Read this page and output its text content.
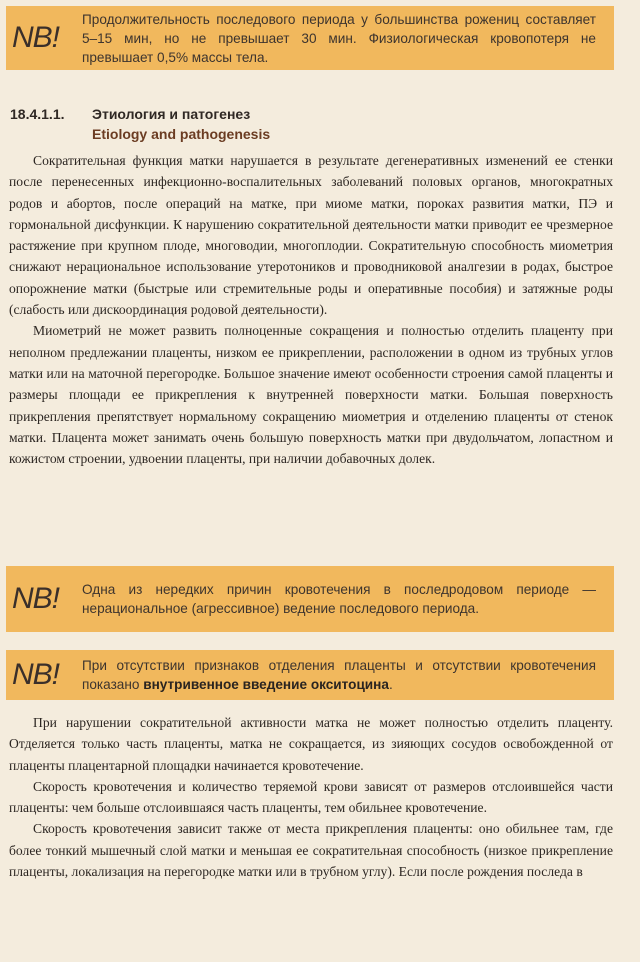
NB!
Продолжительность последового периода у большинства рожениц составляет 5–15 мин, но не превышает 30 мин. Физиологическая кровопотеря не превышает 0,5% массы тела.
18.4.1.1. Этиология и патогенез
Etiology and pathogenesis

Сократительная функция матки нарушается в результате дегенеративных изменений ее стенки после перенесенных инфекционно-воспалительных заболеваний половых органов, многократных родов и абортов, после операций на матке, при миоме матки, пороках развития матки, ПЭ и гормональной дисфункции. К нарушению сократительной деятельности матки приводит ее чрезмерное растяжение при крупном плоде, многоводии, многоплодии. Сократительную способность миометрия снижают нерациональное использование утеротоников и проводниковой аналгезии в родах, быстрое опорожнение матки (быстрые или стремительные роды и оперативные пособия) и затяжные роды (слабость или дискоординация родовой деятельности).

Миометрий не может развить полноценные сокращения и полностью отделить плаценту при неполном предлежании плаценты, низком ее прикреплении, расположении в одном из трубных углов матки или на маточной перегородке. Большое значение имеют особенности строения самой плаценты и размеры площади ее прикрепления к внутренней поверхности матки. Большая поверхность прикрепления препятствует нормальному сокращению миометрия и отделению плаценты от стенок матки. Плацента может занимать очень большую поверхность матки при двудольчатом, лопастном и кожистом строении, удвоении плаценты, при наличии добавочных долек.

NB!	Одна из нередких причин кровотечения в последродовом периоде — нерациональное (агрессивное) ведение последового периода.
NB!	При отсутствии признаков отделения плаценты и отсутствии кровотечения показано внутривенное введение окситоцина.

При нарушении сократительной активности матка не может полностью отделить плаценту. Отделяется только часть плаценты, матка не сокращается, из зияющих сосудов освобожденной от плаценты плацентарной площадки начинается кровотечение.

Скорость кровотечения и количество теряемой крови зависят от размеров отслоившейся части плаценты: чем больше отслоившаяся часть плаценты, тем обильнее кровотечение.

Скорость кровотечения зависит также от места прикрепления плаценты: оно обильнее там, где более тонкий мышечный слой матки и меньшая ее сократительная способность (низкое прикрепление плаценты, локализация на перегородке матки или в трубном углу). Если после рождения последа в
